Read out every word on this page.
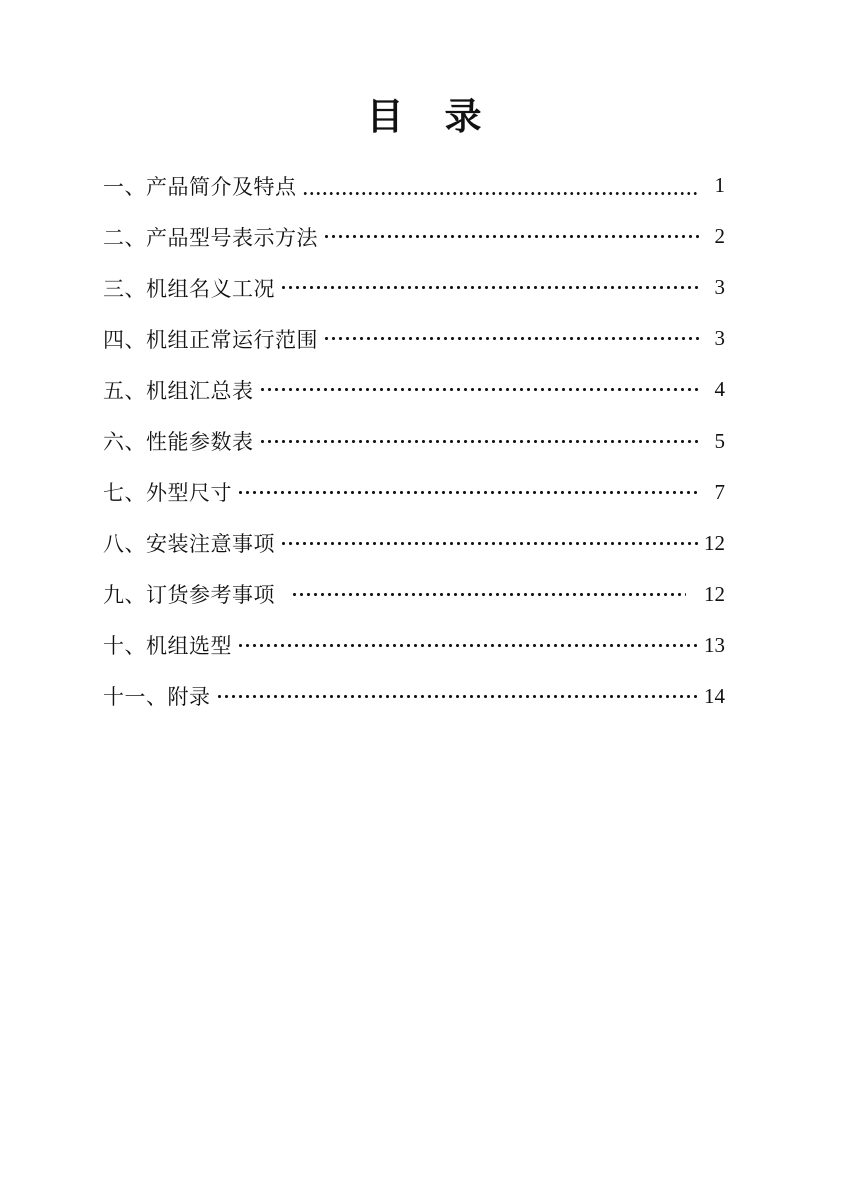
目　录
一、产品简介及特点	1
二、产品型号表示方法	2
三、机组名义工况	3
四、机组正常运行范围	3
五、机组汇总表	4
六、性能参数表	5
七、外型尺寸	7
八、安装注意事项	12
九、订货参考事项	12
十、机组选型	13
十一、附录	14
